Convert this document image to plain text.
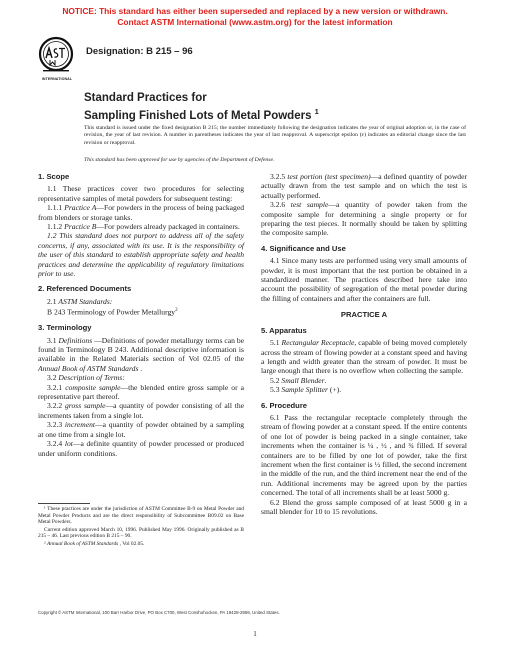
NOTICE: This standard has either been superseded and replaced by a new version or withdrawn.
Contact ASTM International (www.astm.org) for the latest information
INTERNATIONAL
Designation: B 215 – 96
Standard Practices for
Sampling Finished Lots of Metal Powders $^1$
This standard is issued under the fixed designation B 215; the number immediately following the designation indicates the year of original adoption or, in the case of revision, the year of last revision. A number in parentheses indicates the year of last reapproval. A superscript epsilon (ε) indicates an editorial change since the last revision or reapproval.
This standard has been approved for use by agencies of the Department of Defense.
1. Scope

1.1 These practices cover two procedures for selecting representative samples of metal powders for subsequent testing:

1.1.1 Practice A—For powders in the process of being packaged from blenders or storage tanks.

1.1.2 Practice B—For powders already packaged in containers.

1.2 This standard does not purport to address all of the safety concerns, if any, associated with its use. It is the responsibility of the user of this standard to establish appropriate safety and health practices and determine the applicability of regulatory limitations prior to use.

2. Referenced Documents

2.1 ASTM Standards:

B 243 Terminology of Powder Metallurgy$^2$

3. Terminology

3.1 Definitions —Definitions of powder metallurgy terms can be found in Terminology B 243. Additional descriptive information is available in the Related Materials section of Vol 02.05 of the Annual Book of ASTM Standards .

3.2 Description of Terms:

3.2.1 composite sample—the blended entire gross sample or a representative part thereof.

3.2.2 gross sample—a quantity of powder consisting of all the increments taken from a single lot.

3.2.3 increment—a quantity of powder obtained by a sampling at one time from a single lot.

3.2.4 lot—a definite quantity of powder processed or produced under uniform conditions.

¹ These practices are under the jurisdiction of ASTM Committee B-9 on Metal Powder and Metal Powder Products and are the direct responsibility of Subcommittee B09.02 on Base Metal Powders.

Current edition approved March 10, 1996. Published May 1996. Originally published as B 215 – 46. Last previous edition B 215 – 90.

² Annual Book of ASTM Standards , Vol 02.05.

3.2.5 test portion (test specimen)—a defined quantity of powder actually drawn from the test sample and on which the test is actually performed.

3.2.6 test sample—a quantity of powder taken from the composite sample for determining a single property or for preparing the test pieces. It normally should be taken by splitting the composite sample.

4. Significance and Use

4.1 Since many tests are performed using very small amounts of powder, it is most important that the test portion be obtained in a standardized manner. The practices described here take into account the possibility of segregation of the metal powder during the filling of containers and after the containers are full.

PRACTICE A
5. Apparatus

5.1 Rectangular Receptacle, capable of being moved completely across the stream of flowing powder at a constant speed and having a length and width greater than the stream of powder. It must be large enough that there is no overflow when collecting the sample.

5.2 Small Blender.

5.3 Sample Splitter (+).

6. Procedure

6.1 Pass the rectangular receptacle completely through the stream of flowing powder at a constant speed. If the entire contents of one lot of powder is being packed in a single container, take increments when the container is ¼ , ½ , and ¾ filled. If several containers are to be filled by one lot of powder, take the first increment when the first container is ½ filled, the second increment in the middle of the run, and the third increment near the end of the run. Additional increments may be agreed upon by the parties concerned. The total of all increments shall be at least 5000 g.

6.2 Blend the gross sample composed of at least 5000 g in a small blender for 10 to 15 revolutions.

Copyright © ASTM International, 100 Barr Harbor Drive, PO Box C700, West Conshohocken, PA 19428-2959, United States.
1
